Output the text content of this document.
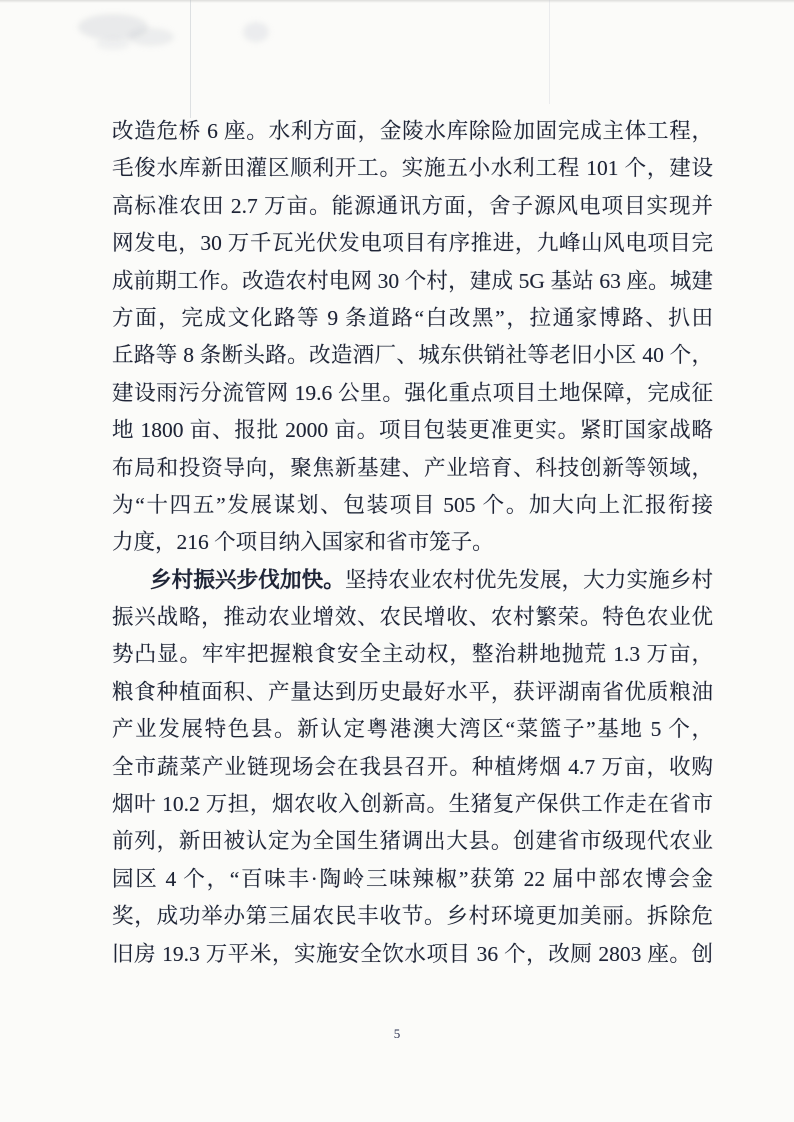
改造危桥 6 座。水利方面，金陵水库除险加固完成主体工程，
毛俊水库新田灌区顺利开工。实施五小水利工程 101 个，建设
高标准农田 2.7 万亩。能源通讯方面，舍子源风电项目实现并
网发电，30 万千瓦光伏发电项目有序推进，九峰山风电项目完
成前期工作。改造农村电网 30 个村，建成 5G 基站 63 座。城建
方面，完成文化路等 9 条道路“白改黑”，拉通家博路、扒田
丘路等 8 条断头路。改造酒厂、城东供销社等老旧小区 40 个，
建设雨污分流管网 19.6 公里。强化重点项目土地保障，完成征
地 1800 亩、报批 2000 亩。项目包装更准更实。紧盯国家战略
布局和投资导向，聚焦新基建、产业培育、科技创新等领域，
为“十四五”发展谋划、包装项目 505 个。加大向上汇报衔接
力度，216 个项目纳入国家和省市笼子。
乡村振兴步伐加快。坚持农业农村优先发展，大力实施乡村
振兴战略，推动农业增效、农民增收、农村繁荣。特色农业优
势凸显。牢牢把握粮食安全主动权，整治耕地抛荒 1.3 万亩，
粮食种植面积、产量达到历史最好水平，获评湖南省优质粮油
产业发展特色县。新认定粤港澳大湾区“菜篮子”基地 5 个，
全市蔬菜产业链现场会在我县召开。种植烤烟 4.7 万亩，收购
烟叶 10.2 万担，烟农收入创新高。生猪复产保供工作走在省市
前列，新田被认定为全国生猪调出大县。创建省市级现代农业
园区 4 个，“百味丰·陶岭三味辣椒”获第 22 届中部农博会金
奖，成功举办第三届农民丰收节。乡村环境更加美丽。拆除危
旧房 19.3 万平米，实施安全饮水项目 36 个，改厕 2803 座。创
5
